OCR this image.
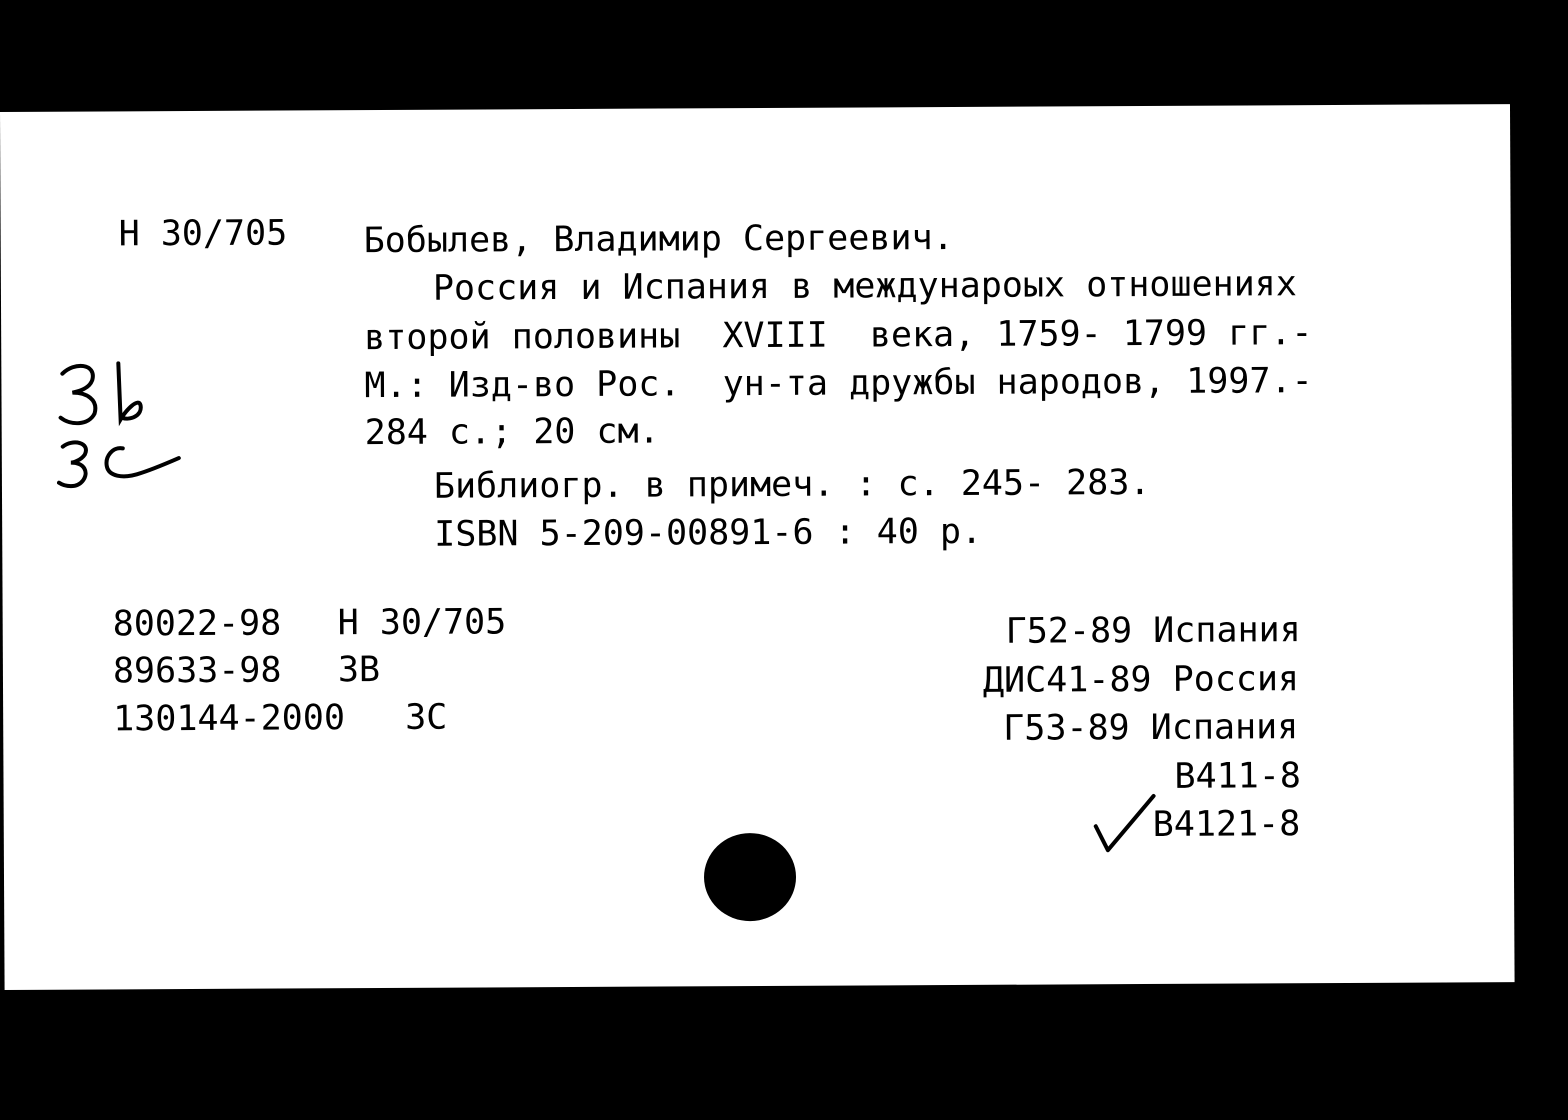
Н 30/705 Бобылев, Владимир Сергеевич.
Россия и Испания в междунароых отношениях
второй половины  XVIII  века, 1759- 1799 гг.-
М.: Изд-во Рос.  ун-та дружбы народов, 1997.-
284 с.; 20 см.
Библиогр. в примеч. : с. 245- 283.
ISBN 5-209-00891-6 : 40 р.
80022-98 Н 30/705
89633-98 ЗВ
130144-2000 ЗС
Г52-89 Испания
ДИС41-89 Россия
Г53-89 Испания
В411-8
В4121-8
